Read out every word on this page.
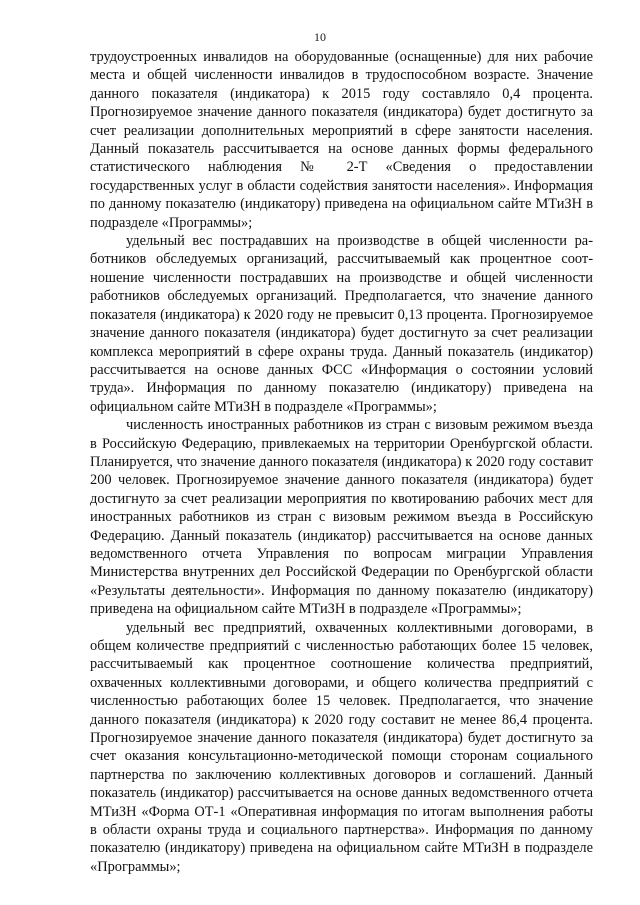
10

трудоустроенных инвалидов на оборудованные (оснащенные) для них рабочие места и общей численности инвалидов в трудоспособном возрасте. Значение данного показателя (индикатора) к 2015 году составляло 0,4 процента. Прогнозируемое значение данного показателя (индикатора) будет достигнуто за счет реализации дополнительных мероприятий в сфере занятости населения. Данный показатель рассчитывается на основе данных формы федерального статистического наблюдения № 2-Т «Сведения о предоставлении государственных услуг в области содействия занятости населения». Информация по данному показателю (индикатору) приведена на официальном сайте МТиЗН в подразделе «Программы»;

удельный вес пострадавших на производстве в общей численности работников обследуемых организаций, рассчитываемый как процентное соотношение численности пострадавших на производстве и общей численности работников обследуемых организаций. Предполагается, что значение данного показателя (индикатора) к 2020 году не превысит 0,13 процента. Прогнозируемое значение данного показателя (индикатора) будет достигнуто за счет реализации комплекса мероприятий в сфере охраны труда. Данный показатель (индикатор) рассчитывается на основе данных ФСС «Информация о состоянии условий труда». Информация по данному показателю (индикатору) приведена на официальном сайте МТиЗН в подразделе «Программы»;

численность иностранных работников из стран с визовым режимом въезда в Российскую Федерацию, привлекаемых на территории Оренбургской области. Планируется, что значение данного показателя (индикатора) к 2020 году составит 200 человек. Прогнозируемое значение данного показателя (индикатора) будет достигнуто за счет реализации мероприятия по квотированию рабочих мест для иностранных работников из стран с визовым режимом въезда в Российскую Федерацию. Данный показатель (индикатор) рассчитывается на основе данных ведомственного отчета Управления по вопросам миграции Управления Министерства внутренних дел Российской Федерации по Оренбургской области «Результаты деятельности». Информация по данному показателю (индикатору) приведена на официальном сайте МТиЗН в подразделе «Программы»;

удельный вес предприятий, охваченных коллективными договорами, в общем количестве предприятий с численностью работающих более 15 человек, рассчитываемый как процентное соотношение количества предприятий, охваченных коллективными договорами, и общего количества предприятий с численностью работающих более 15 человек. Предполагается, что значение данного показателя (индикатора) к 2020 году составит не менее 86,4 процента. Прогнозируемое значение данного показателя (индикатора) будет достигнуто за счет оказания консультационно-методической помощи сторонам социального партнерства по заключению коллективных договоров и соглашений. Данный показатель (индикатор) рассчитывается на основе данных ведомственного отчета МТиЗН «Форма ОТ-1 «Оперативная информация по итогам выполнения работы в области охраны труда и социального партнерства». Информация по данному показателю (индикатору) приведена на официальном сайте МТиЗН в подразделе «Программы»;
